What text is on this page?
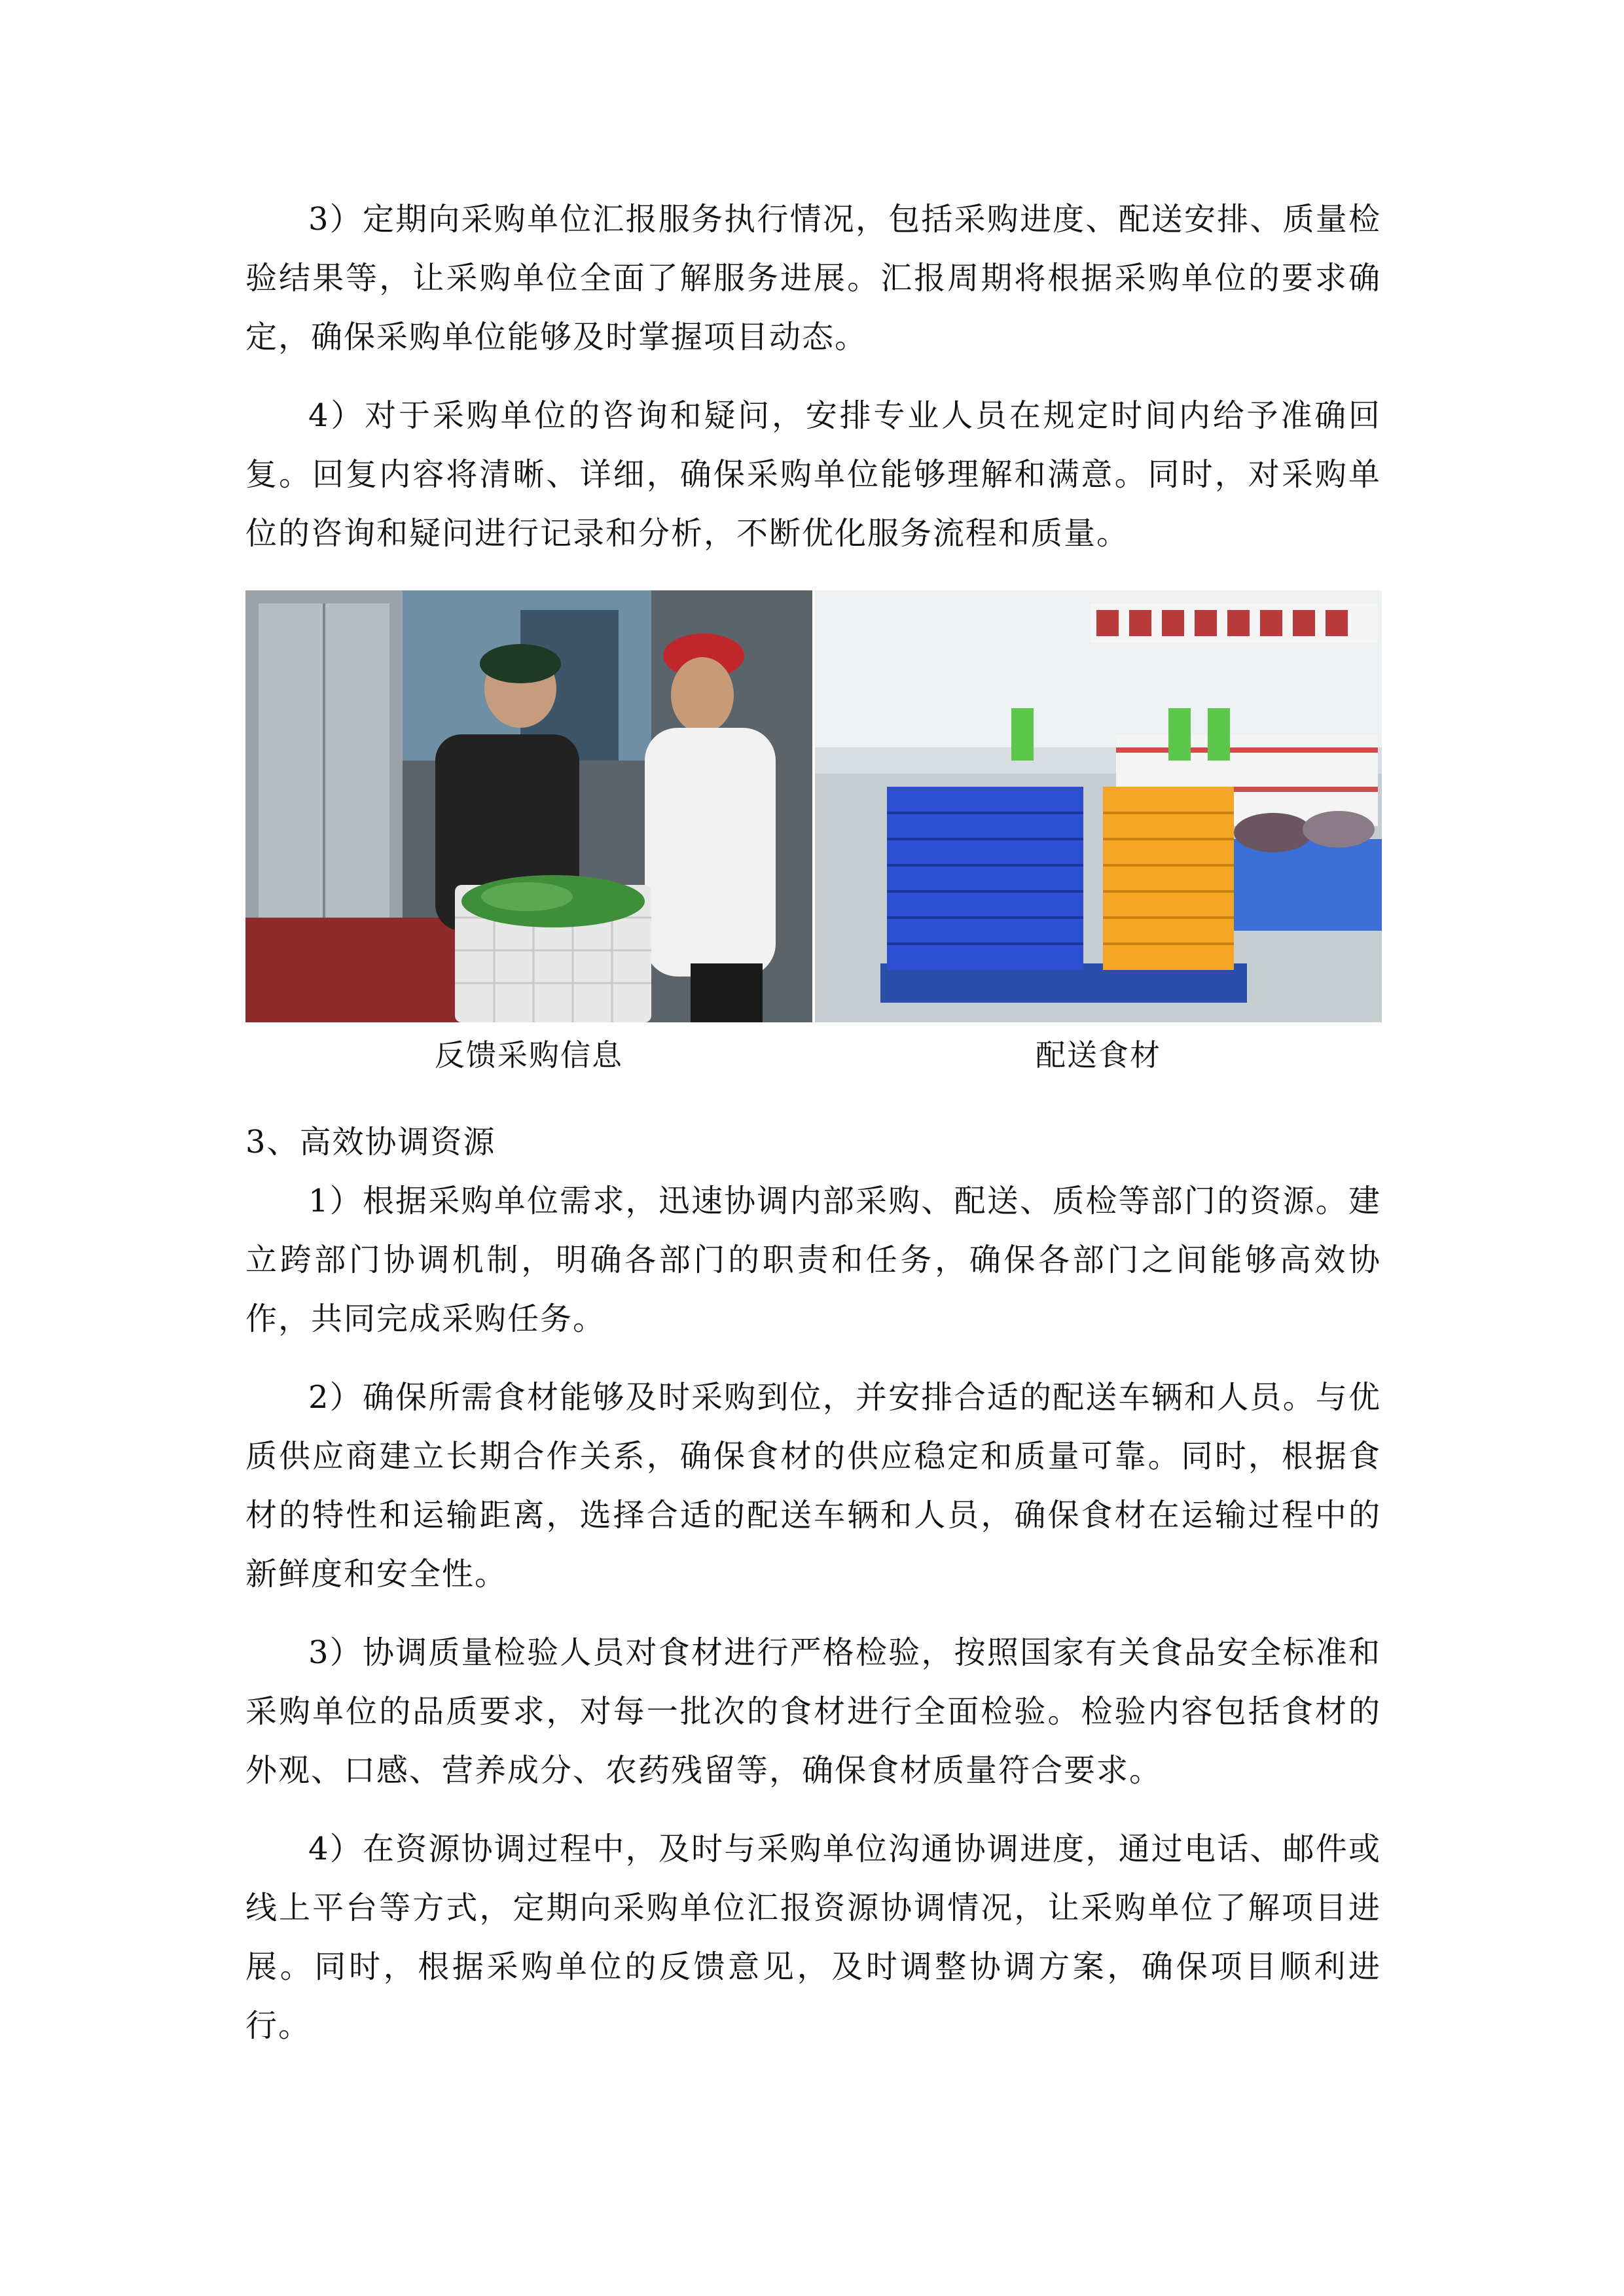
3）定期向采购单位汇报服务执行情况，包括采购进度、配送安排、质量检验结果等，让采购单位全面了解服务进展。汇报周期将根据采购单位的要求确定，确保采购单位能够及时掌握项目动态。

4）对于采购单位的咨询和疑问，安排专业人员在规定时间内给予准确回复。回复内容将清晰、详细，确保采购单位能够理解和满意。同时，对采购单位的咨询和疑问进行记录和分析，不断优化服务流程和质量。

反馈采购信息	配送食材

3、高效协调资源

1）根据采购单位需求，迅速协调内部采购、配送、质检等部门的资源。建立跨部门协调机制，明确各部门的职责和任务，确保各部门之间能够高效协作，共同完成采购任务。

2）确保所需食材能够及时采购到位，并安排合适的配送车辆和人员。与优质供应商建立长期合作关系，确保食材的供应稳定和质量可靠。同时，根据食材的特性和运输距离，选择合适的配送车辆和人员，确保食材在运输过程中的新鲜度和安全性。

3）协调质量检验人员对食材进行严格检验，按照国家有关食品安全标准和采购单位的品质要求，对每一批次的食材进行全面检验。检验内容包括食材的外观、口感、营养成分、农药残留等，确保食材质量符合要求。

4）在资源协调过程中，及时与采购单位沟通协调进度，通过电话、邮件或线上平台等方式，定期向采购单位汇报资源协调情况，让采购单位了解项目进展。同时，根据采购单位的反馈意见，及时调整协调方案，确保项目顺利进行。
